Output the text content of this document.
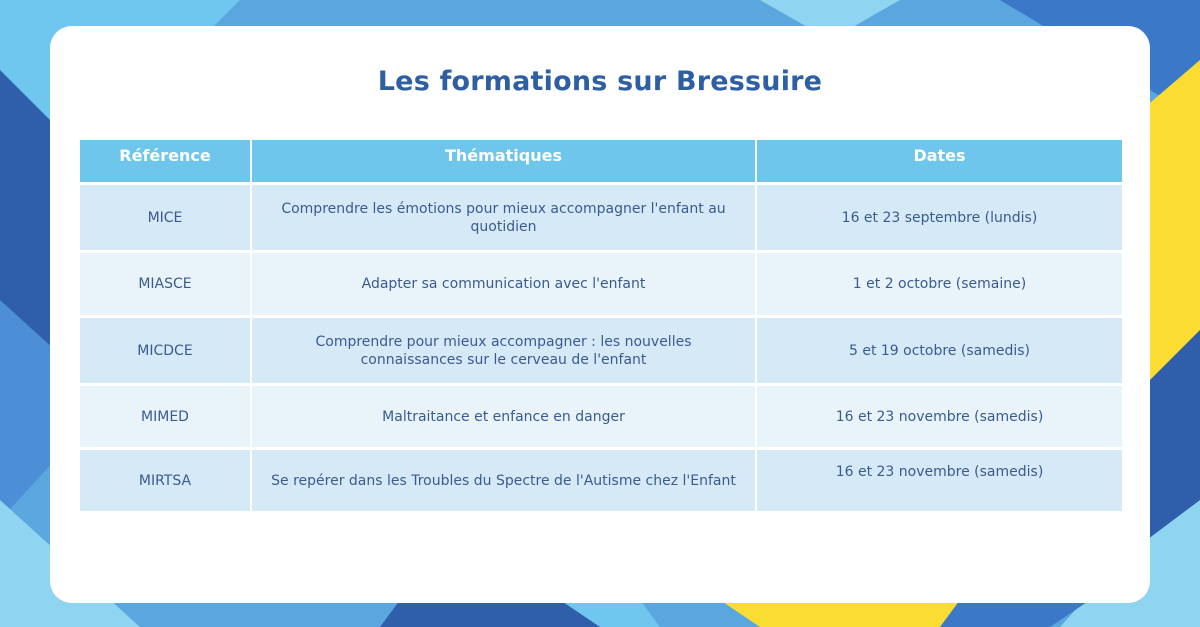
Les formations sur Bressuire
Référence	Thématiques	Dates
MICE	Comprendre les émotions pour mieux accompagner l'enfant au quotidien	16 et 23 septembre (lundis)
MIASCE	Adapter sa communication avec l'enfant	1 et 2 octobre (semaine)
MICDCE	Comprendre pour mieux accompagner : les nouvelles connaissances sur le cerveau de l'enfant	5 et 19 octobre (samedis)
MIMED	Maltraitance et enfance en danger	16 et 23 novembre (samedis)
MIRTSA	Se repérer dans les Troubles du Spectre de l'Autisme chez l'Enfant	16 et 23 novembre (samedis)
